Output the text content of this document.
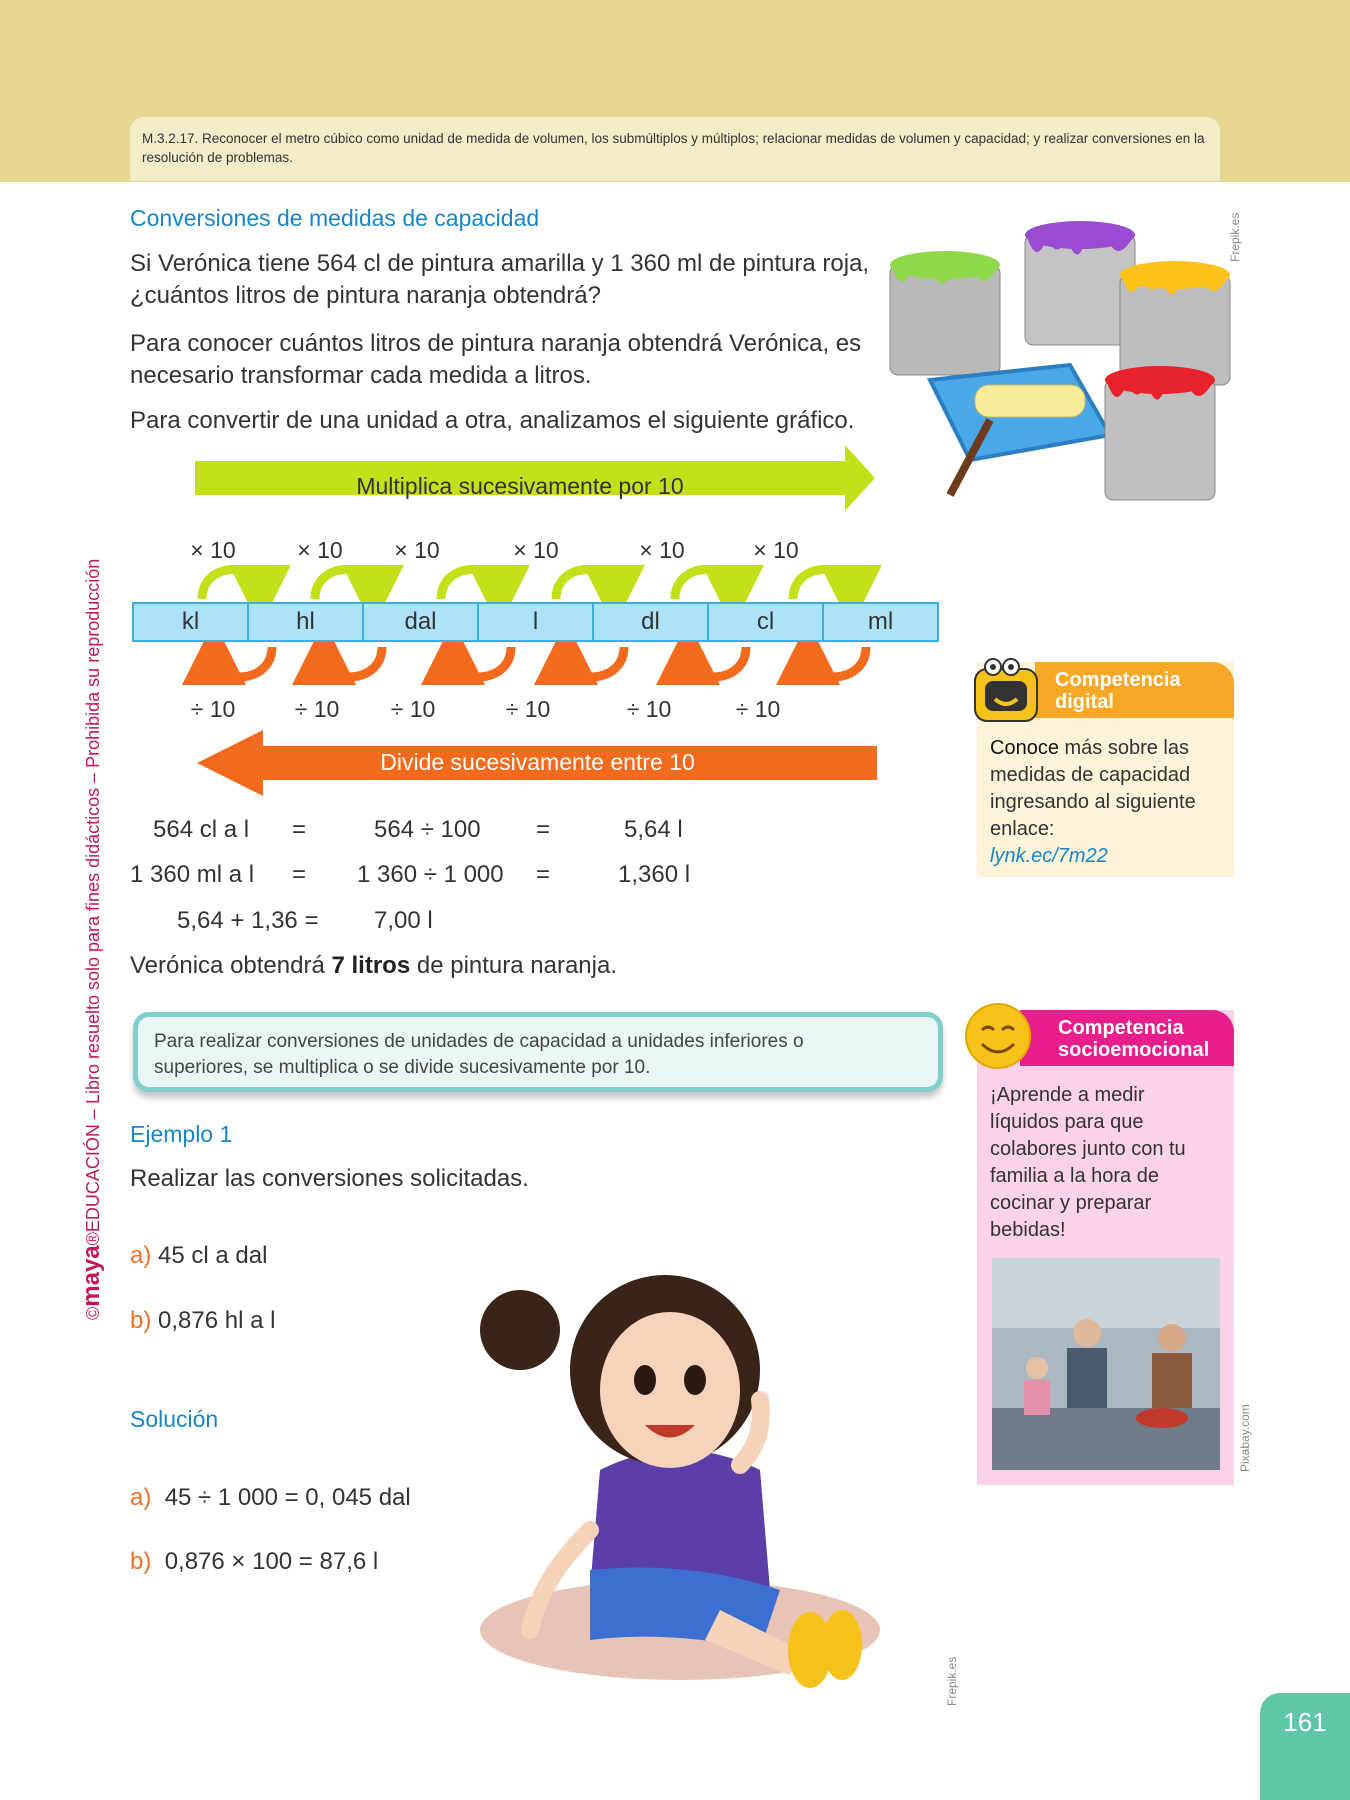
M.3.2.17. Reconocer el metro cúbico como unidad de medida de volumen, los submúltiplos y múltiplos; relacionar medidas de volumen y capacidad; y realizar conversiones en la resolución de problemas.
©maya®EDUCACIÓN – Libro resuelto solo para fines didácticos – Prohibida su reproducción
Conversiones de medidas de capacidad
Si Verónica tiene 564 cl de pintura amarilla y 1 360 ml de pintura roja,
¿cuántos litros de pintura naranja obtendrá?
Para conocer cuántos litros de pintura naranja obtendrá Verónica, es
necesario transformar cada medida a litros.
Para convertir de una unidad a otra, analizamos el siguiente gráfico.
Frepik.es
Multiplica sucesivamente por 10
× 10	× 10	× 10	× 10	× 10	× 10
kl	hl	dal	l	dl	cl	ml
÷ 10	÷ 10	÷ 10	÷ 10	÷ 10	÷ 10
Divide sucesivamente entre 10
564 cl a l =	564 ÷ 100 =	5,64 l
1 360 ml a l = 1 360 ÷ 1 000 =	1,360 l
5,64 + 1,36 = 7,00 l
Verónica obtendrá 7 litros de pintura naranja.
Para realizar conversiones de unidades de capacidad a unidades inferiores o
superiores, se multiplica o se divide sucesivamente por 10.
Ejemplo 1
Realizar las conversiones solicitadas.
a) 45 cl a dal
b) 0,876 hl a l
Solución
a) 45 ÷ 1 000 = 0, 045 dal
b) 0,876 × 100 = 87,6 l
Frepik.es
Competencia
digital
Conoce más sobre las medidas de capacidad ingresando al siguiente enlace:
lynk.ec/7m22
Competencia
socioemocional
¡Aprende a medir líquidos para que colabores junto con tu familia a la hora de cocinar y preparar bebidas!
Pixabay.com
161
